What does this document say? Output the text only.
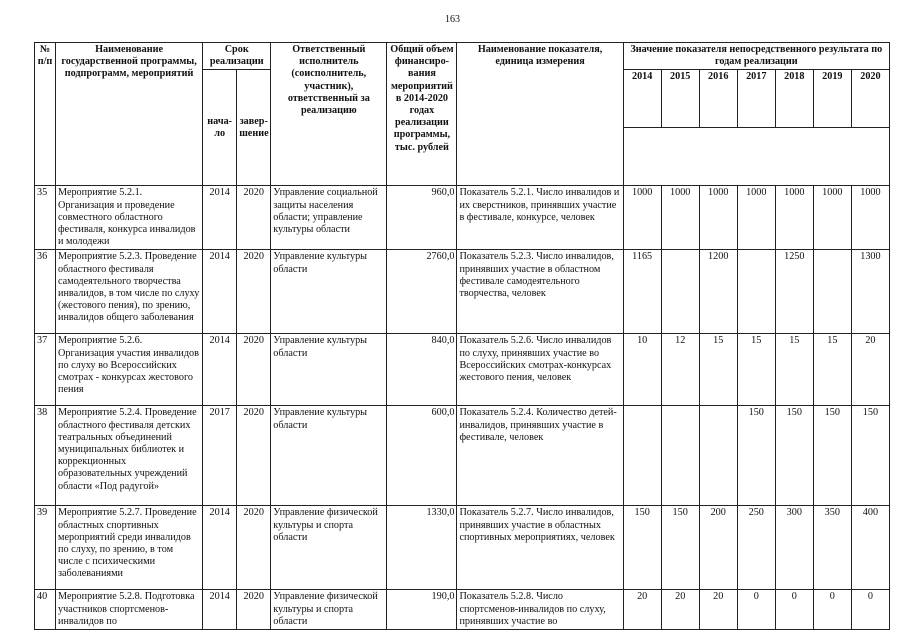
163
№ п/п	Наименование государственной программы, подпрограмм, мероприятий	Срок реализации		Ответственный исполнитель (соисполнитель, участник), ответственный за реализацию	Общий объем финансиро-вания мероприятий в 2014-2020 годах реализации программы, тыс. рублей	Наименование показателя, единица измерения	Значение показателя непосредственного результата по годам реализации						
		нача-ло	завер-шение				2014	2015	2016	2017	2018	2019	2020

35	Мероприятие 5.2.1. Организация и проведение совместного областного фестиваля, конкурса инвалидов и молодежи	2014	2020	Управление социальной защиты населения области; управление культуры области	960,0	Показатель 5.2.1. Число инвалидов и их сверстников, принявших участие в фестивале, конкурсе, человек	1000	1000	1000	1000	1000	1000	1000
36	Мероприятие 5.2.3. Проведение областного фестиваля самодеятельного творчества инвалидов, в том числе по слуху (жестового пения), по зрению, инвалидов общего заболевания	2014	2020	Управление культуры области	2760,0	Показатель 5.2.3. Число инвалидов, принявших участие в областном фестивале самодеятельного творчества, человек	1165		1200		1250		1300
37	Мероприятие 5.2.6. Организация участия инвалидов по слуху во Всероссийских смотрах - конкурсах жестового пения	2014	2020	Управление культуры области	840,0	Показатель 5.2.6. Число инвалидов по слуху, принявших участие во Всероссийских смотрах-конкурсах жестового пения, человек	10	12	15	15	15	15	20
38	Мероприятие 5.2.4. Проведение областного фестиваля детских театральных объединений муниципальных библиотек и коррекционных образовательных учреждений области «Под радугой»	2017	2020	Управление культуры области	600,0	Показатель 5.2.4. Количество детей-инвалидов, принявших участие в фестивале, человек				150	150	150	150
39	Мероприятие 5.2.7. Проведение областных спортивных мероприятий среди инвалидов по слуху, по зрению, в том числе с психическими заболеваниями	2014	2020	Управление физической культуры и спорта области	1330,0	Показатель 5.2.7. Число инвалидов, принявших участие в областных спортивных мероприятиях, человек	150	150	200	250	300	350	400
40	Мероприятие 5.2.8. Подготовка участников спортсменов-инвалидов по	2014	2020	Управление физической культуры и спорта области	190,0	Показатель 5.2.8. Число спортсменов-инвалидов по слуху, принявших участие во	20	20	20	0	0	0	0
